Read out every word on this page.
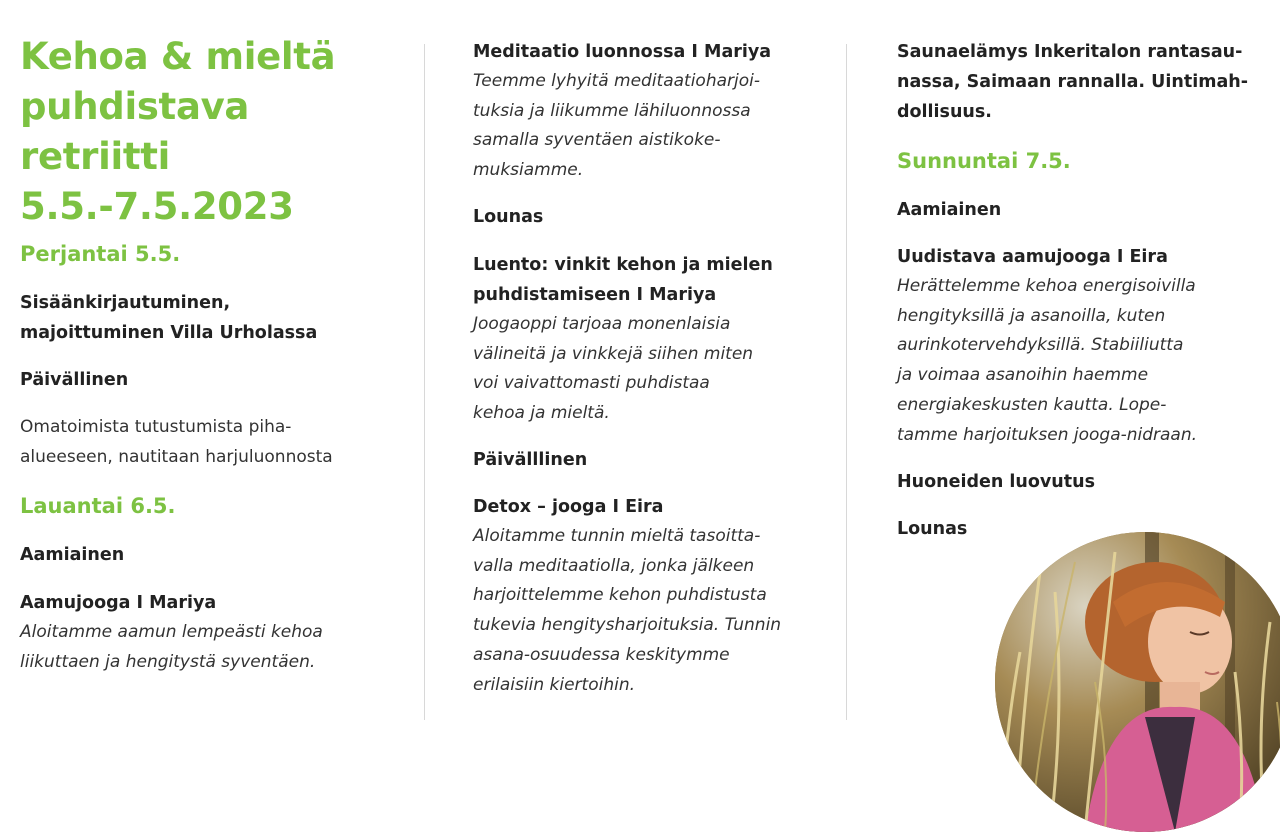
Kehoa & mieltä
puhdistava retriitti
5.5.-7.5.2023
Perjantai 5.5.

Sisäänkirjautuminen,

majoittuminen Villa Urholassa

Päivällinen

Omatoimista tutustumista piha-

alueeseen, nautitaan harjuluonnosta

Lauantai 6.5.

Aamiainen

Aamujooga I Mariya

Aloitamme aamun lempeästi kehoa

liikuttaen ja hengitystä syventäen.

Meditaatio luonnossa I Mariya

Teemme lyhyitä meditaatioharjoi-

tuksia ja liikumme lähiluonnossa

samalla syventäen aistikoke-

muksiamme.

Lounas

Luento: vinkit kehon ja mielen

puhdistamiseen I Mariya

Joogaoppi tarjoaa monenlaisia

välineitä ja vinkkejä siihen miten

voi vaivattomasti puhdistaa

kehoa ja mieltä.

Päivälllinen

Detox – jooga I Eira

Aloitamme tunnin mieltä tasoitta-

valla meditaatiolla, jonka jälkeen

harjoittelemme kehon puhdistusta

tukevia hengitysharjoituksia. Tunnin

asana-osuudessa keskitymme

erilaisiin kiertoihin.

Saunaelämys Inkeritalon rantasau-

nassa, Saimaan rannalla. Uintimah-

dollisuus.

Sunnuntai 7.5.

Aamiainen

Uudistava aamujooga I Eira

Herättelemme kehoa energisoivilla

hengityksillä ja asanoilla, kuten

aurinkotervehdyksillä. Stabiiliutta

ja voimaa asanoihin haemme

energiakeskusten kautta. Lope-

tamme harjoituksen jooga-nidraan.

Huoneiden luovutus

Lounas
